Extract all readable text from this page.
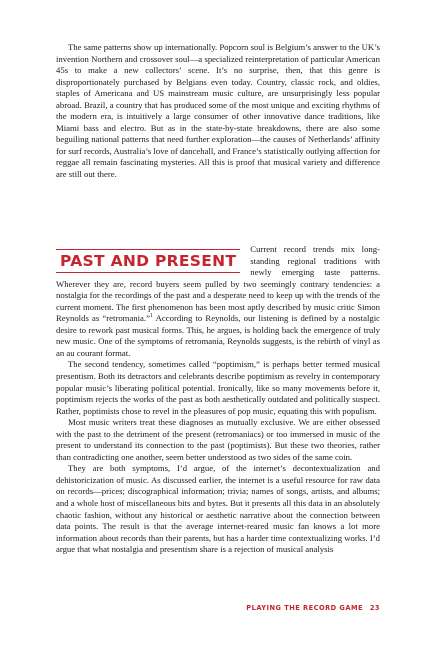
The same patterns show up internationally. Popcorn soul is Belgium’s answer to the UK’s invention Northern and crossover soul—a specialized reinterpretation of particular American 45s to make a new collectors’ scene. It’s no surprise, then, that this genre is disproportionately purchased by Belgians even today. Country, classic rock, and oldies, staples of Americana and US mainstream music culture, are unsurprisingly less popular abroad. Brazil, a country that has produced some of the most unique and exciting rhythms of the modern era, is intuitively a large consumer of other innovative dance traditions, like Miami bass and electro. But as in the state-by-state breakdowns, there are also some beguiling national patterns that need further exploration—the causes of Netherlands’ affinity for surf records, Australia’s love of dancehall, and France’s statistically outlying affection for reggae all remain fascinating mysteries. All this is proof that musical variety and difference are still out there.

PAST AND PRESENT

Current record trends mix long-standing regional traditions with newly emerging taste patterns. Wherever they are, record buyers seem pulled by two seemingly contrary tendencies: a nostalgia for the recordings of the past and a desperate need to keep up with the trends of the current moment. The first phenomenon has been most aptly described by music critic Simon Reynolds as “retromania.”$^1$ According to Reynolds, our listening is defined by a nostalgic desire to rework past musical forms. This, he argues, is holding back the emergence of truly new music. One of the symptoms of retromania, Reynolds suggests, is the rebirth of vinyl as an au courant format.

The second tendency, sometimes called “poptimism,” is perhaps better termed musical presentism. Both its detractors and celebrants describe poptimism as revelry in contemporary popular music’s liberating political potential. Ironically, like so many movements before it, poptimism rejects the works of the past as both aesthetically outdated and politically suspect. Rather, poptimists chose to revel in the pleasures of pop music, equating this with populism.

Most music writers treat these diagnoses as mutually exclusive. We are either obsessed with the past to the detriment of the present (retromaniacs) or too immersed in music of the present to understand its connection to the past (poptimists). But these two theories, rather than contradicting one another, seem better understood as two sides of the same coin.

They are both symptoms, I’d argue, of the internet’s decontextualization and dehistoricization of music. As discussed earlier, the internet is a useful resource for raw data on records—prices; discographical information; trivia; names of songs, artists, and albums; and a whole host of miscellaneous bits and bytes. But it presents all this data in an absolutely chaotic fashion, without any historical or aesthetic narrative about the connection between data points. The result is that the average internet-reared music fan knows a lot more information about records than their parents, but has a harder time contextualizing works. I’d argue that what nostalgia and presentism share is a rejection of musical analysis

PLAYING THE RECORD GAME 23
